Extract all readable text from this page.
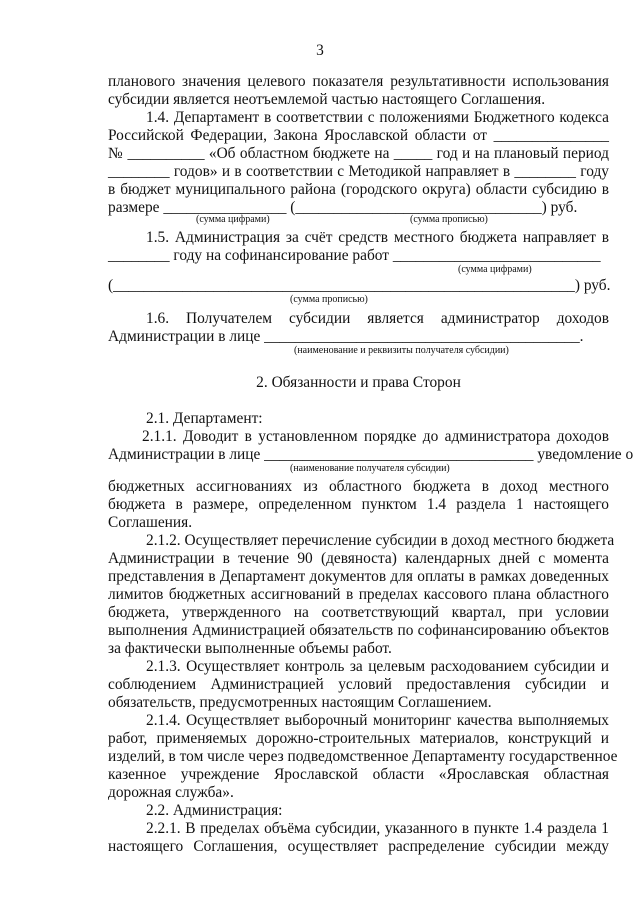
3
планового значения целевого показателя результативности использования
субсидии является неотъемлемой частью настоящего Соглашения.
1.4. Департамент в соответствии с положениями Бюджетного кодекса
Российской Федерации, Закона Ярославской области от _______________
№ __________ «Об областном бюджете на _____ год и на плановый период
________ годов» и в соответствии с Методикой направляет в ________ году
в бюджет муниципального района (городского округа) области субсидию в
размере ________________ (________________________________) руб.
(сумма цифрами)	(сумма прописью)
1.5. Администрация за счёт средств местного бюджета направляет в
________ году на софинансирование работ ___________________________
(сумма цифрами)
(____________________________________________________________) руб.
(сумма прописью)
1.6. Получателем субсидии является администратор доходов
Администрации в лице _________________________________________.
(наименование и реквизиты получателя субсидии)
2. Обязанности и права Сторон
2.1. Департамент:
2.1.1. Доводит в установленном порядке до администратора доходов
Администрации в лице ___________________________________ уведомление о
(наименование получателя субсидии)
бюджетных ассигнованиях из областного бюджета в доход местного
бюджета в размере, определенном пунктом 1.4 раздела 1 настоящего
Соглашения.
2.1.2. Осуществляет перечисление субсидии в доход местного бюджета
Администрации в течение 90 (девяноста) календарных дней с момента
представления в Департамент документов для оплаты в рамках доведенных
лимитов бюджетных ассигнований в пределах кассового плана областного
бюджета, утвержденного на соответствующий квартал, при условии
выполнения Администрацией обязательств по софинансированию объектов
за фактически выполненные объемы работ.
2.1.3. Осуществляет контроль за целевым расходованием субсидии и
соблюдением Администрацией условий предоставления субсидии и
обязательств, предусмотренных настоящим Соглашением.
2.1.4. Осуществляет выборочный мониторинг качества выполняемых
работ, применяемых дорожно-строительных материалов, конструкций и
изделий, в том числе через подведомственное Департаменту государственное
казенное учреждение Ярославской области «Ярославская областная
дорожная служба».
2.2. Администрация:
2.2.1. В пределах объёма субсидии, указанного в пункте 1.4 раздела 1
настоящего Соглашения, осуществляет распределение субсидии между
